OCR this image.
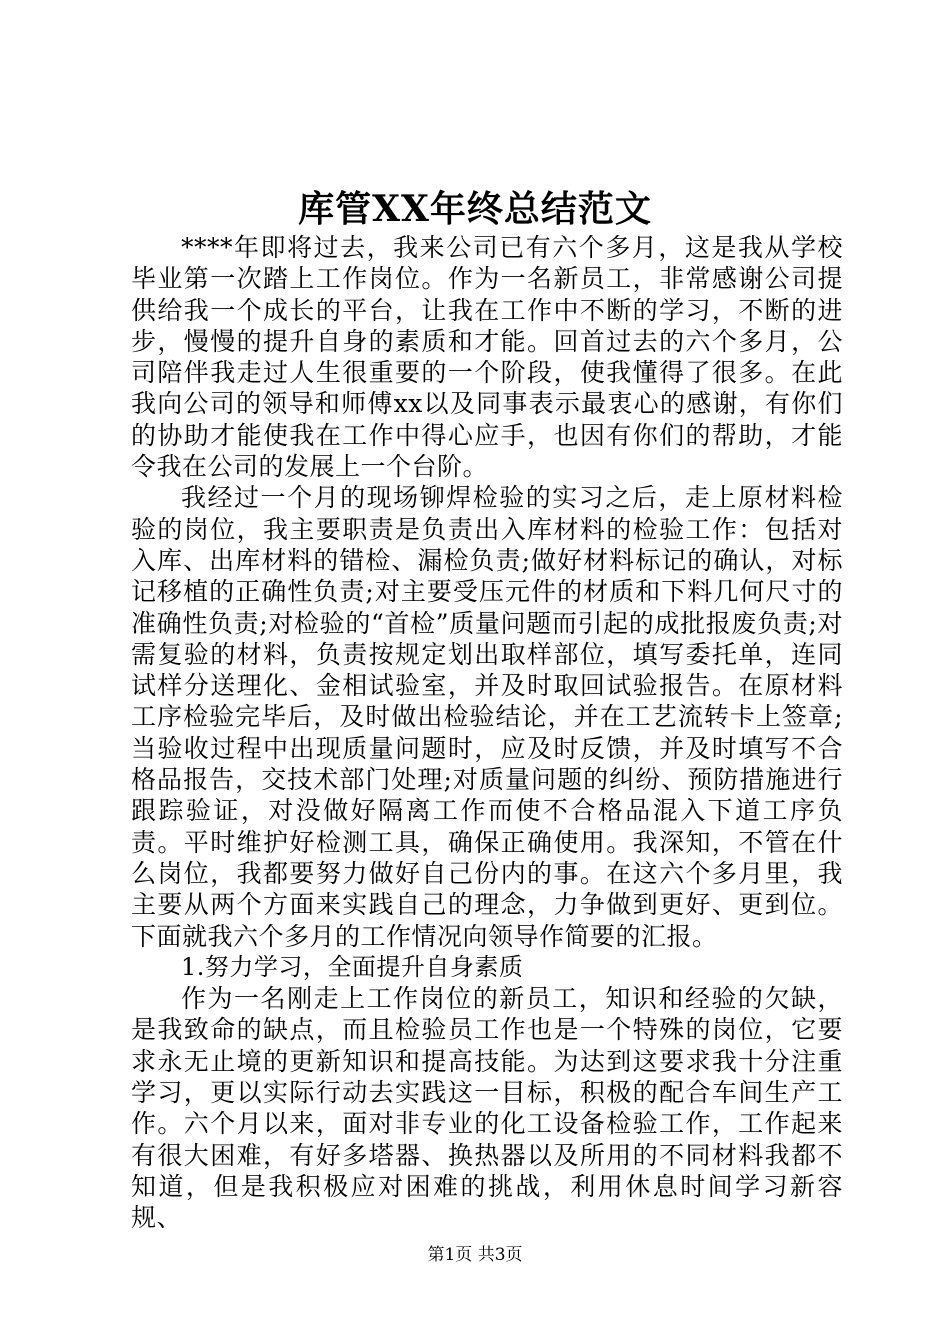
库管XX年终总结范文

****年即将过去，我来公司已有六个多月，这是我从学校毕业第一次踏上工作岗位。作为一名新员工，非常感谢公司提供给我一个成长的平台，让我在工作中不断的学习，不断的进步，慢慢的提升自身的素质和才能。回首过去的六个多月，公司陪伴我走过人生很重要的一个阶段，使我懂得了很多。在此我向公司的领导和师傅xx以及同事表示最衷心的感谢，有你们的协助才能使我在工作中得心应手，也因有你们的帮助，才能令我在公司的发展上一个台阶。

我经过一个月的现场铆焊检验的实习之后，走上原材料检验的岗位，我主要职责是负责出入库材料的检验工作：包括对入库、出库材料的错检、漏检负责;做好材料标记的确认，对标记移植的正确性负责;对主要受压元件的材质和下料几何尺寸的准确性负责;对检验的“首检”质量问题而引起的成批报废负责;对需复验的材料，负责按规定划出取样部位，填写委托单，连同试样分送理化、金相试验室，并及时取回试验报告。在原材料工序检验完毕后，及时做出检验结论，并在工艺流转卡上签章;当验收过程中出现质量问题时，应及时反馈，并及时填写不合格品报告，交技术部门处理;对质量问题的纠纷、预防措施进行跟踪验证，对没做好隔离工作而使不合格品混入下道工序负责。平时维护好检测工具，确保正确使用。我深知，不管在什么岗位，我都要努力做好自己份内的事。在这六个多月里，我主要从两个方面来实践自己的理念，力争做到更好、更到位。下面就我六个多月的工作情况向领导作简要的汇报。

1.努力学习，全面提升自身素质

作为一名刚走上工作岗位的新员工，知识和经验的欠缺，是我致命的缺点，而且检验员工作也是一个特殊的岗位，它要求永无止境的更新知识和提高技能。为达到这要求我十分注重学习，更以实际行动去实践这一目标，积极的配合车间生产工作。六个月以来，面对非专业的化工设备检验工作，工作起来有很大困难，有好多塔器、换热器以及所用的不同材料我都不知道，但是我积极应对困难的挑战，利用休息时间学习新容规、

第1页 共3页
